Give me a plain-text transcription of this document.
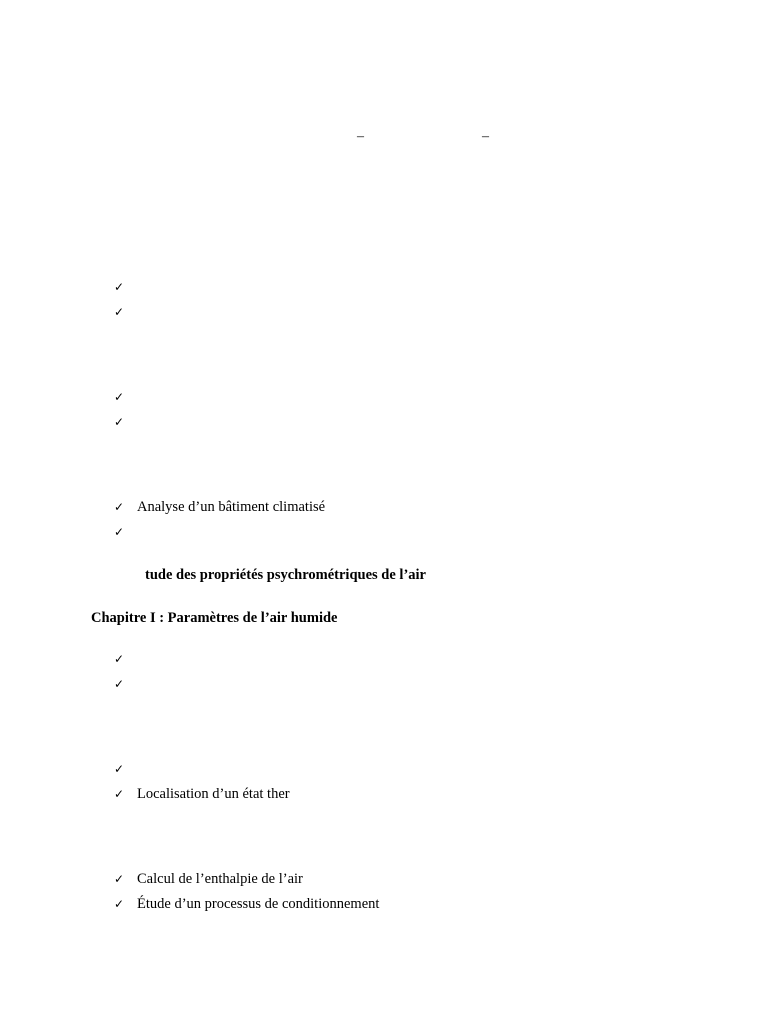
–	–
✓
✓
✓
✓
✓ Analyse d’un bâtiment climatisé
✓
tude des propriétés psychrométriques de l’air
Chapitre I : Paramètres de l’air humide
✓
✓
✓
✓ Localisation d’un état ther
✓ Calcul de l’enthalpie de l’air
✓ Étude d’un processus de conditionnement
